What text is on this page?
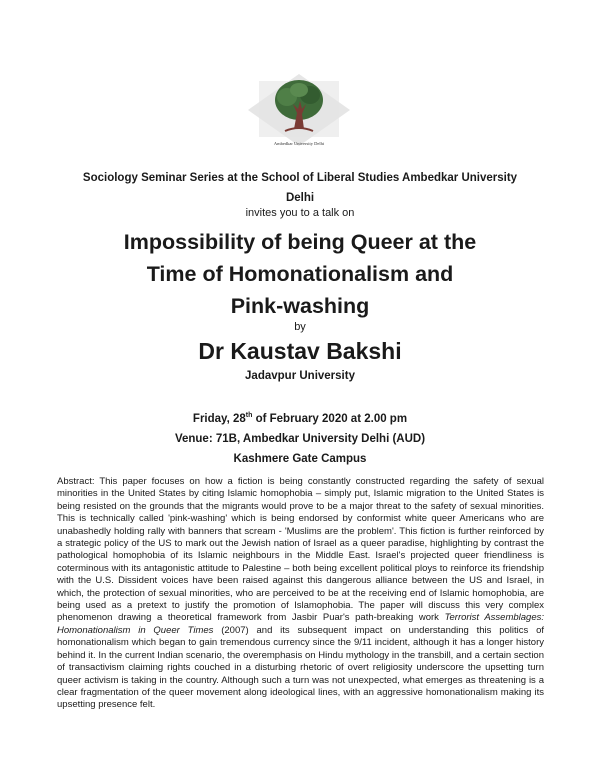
Ambedkar University Delhi
Sociology Seminar Series at the School of Liberal Studies Ambedkar University
Delhi
invites you to a talk on
Impossibility of being Queer at the
Time of Homonationalism and
Pink-washing
by
Dr Kaustav Bakshi
Jadavpur University
Friday, 28th of February 2020 at 2.00 pm
Venue: 71B, Ambedkar University Delhi (AUD)
Kashmere Gate Campus
Abstract: This paper focuses on how a fiction is being constantly constructed regarding the safety of sexual minorities in the United States by citing Islamic homophobia – simply put, Islamic migration to the United States is being resisted on the grounds that the migrants would prove to be a major threat to the safety of sexual minorities. This is technically called 'pink-washing' which is being endorsed by conformist white queer Americans who are unabashedly holding rally with banners that scream - 'Muslims are the problem'. This fiction is further reinforced by a strategic policy of the US to mark out the Jewish nation of Israel as a queer paradise, highlighting by contrast the pathological homophobia of its Islamic neighbours in the Middle East. Israel's projected queer friendliness is coterminous with its antagonistic attitude to Palestine – both being excellent political ploys to reinforce its friendship with the U.S. Dissident voices have been raised against this dangerous alliance between the US and Israel, in which, the protection of sexual minorities, who are perceived to be at the receiving end of Islamic homophobia, are being used as a pretext to justify the promotion of Islamophobia. The paper will discuss this very complex phenomenon drawing a theoretical framework from Jasbir Puar's path-breaking work Terrorist Assemblages: Homonationalism in Queer Times (2007) and its subsequent impact on understanding this politics of homonationalism which began to gain tremendous currency since the 9/11 incident, although it has a longer history behind it. In the current Indian scenario, the overemphasis on Hindu mythology in the transbill, and a certain section of transactivism claiming rights couched in a disturbing rhetoric of overt religiosity underscore the upsetting turn queer activism is taking in the country. Although such a turn was not unexpected, what emerges as threatening is a clear fragmentation of the queer movement along ideological lines, with an aggressive homonationalism making its upsetting presence felt.
